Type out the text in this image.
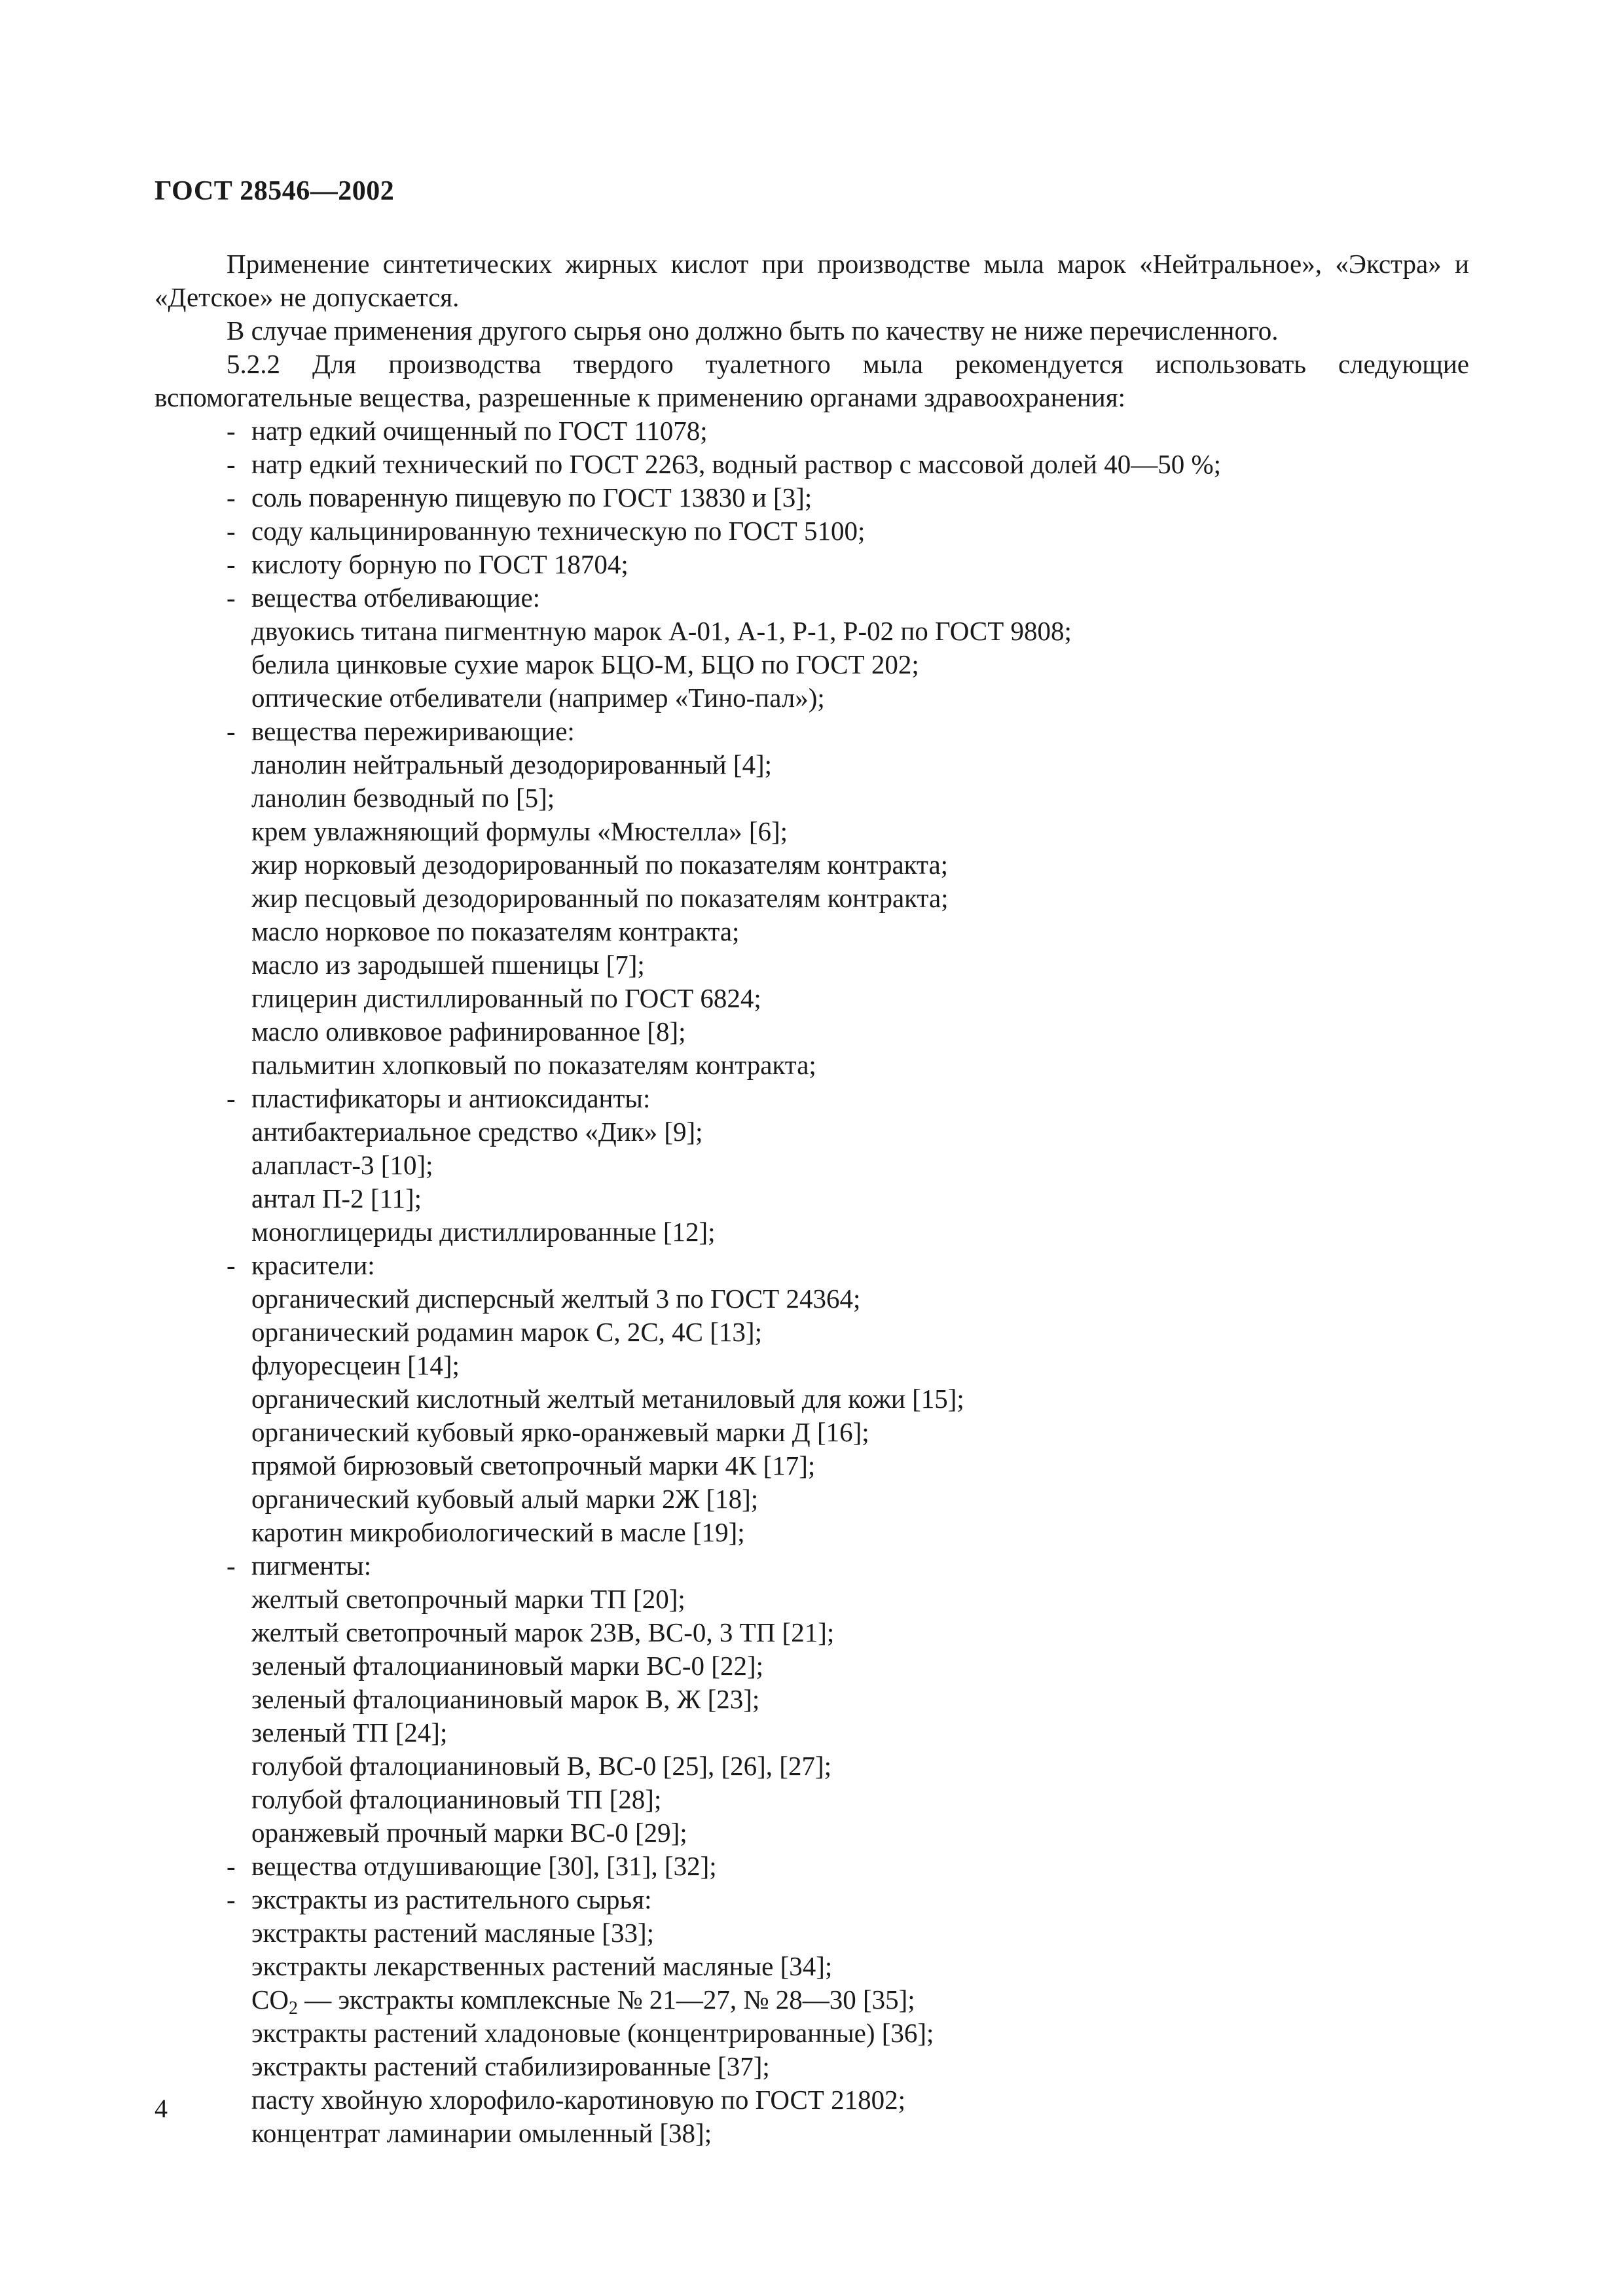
ГОСТ 28546—2002

Применение синтетических жирных кислот при производстве мыла марок «Нейтральное», «Экстра» и «Детское» не допускается.

В случае применения другого сырья оно должно быть по качеству не ниже перечисленного.

5.2.2 Для производства твердого туалетного мыла рекомендуется использовать следующие вспомогательные вещества, разрешенные к применению органами здравоохранения:

- натр едкий очищенный по ГОСТ 11078;

- натр едкий технический по ГОСТ 2263, водный раствор с массовой долей 40—50 %;

- соль поваренную пищевую по ГОСТ 13830 и [3];

- соду кальцинированную техническую по ГОСТ 5100;

- кислоту борную по ГОСТ 18704;

- вещества отбеливающие:

двуокись титана пигментную марок А-01, А-1, Р-1, Р-02 по ГОСТ 9808;

белила цинковые сухие марок БЦО-М, БЦО по ГОСТ 202;

оптические отбеливатели (например «Тино-пал»);

- вещества пережиривающие:

ланолин нейтральный дезодорированный [4];

ланолин безводный по [5];

крем увлажняющий формулы «Мюстелла» [6];

жир норковый дезодорированный по показателям контракта;

жир песцовый дезодорированный по показателям контракта;

масло норковое по показателям контракта;

масло из зародышей пшеницы [7];

глицерин дистиллированный по ГОСТ 6824;

масло оливковое рафинированное [8];

пальмитин хлопковый по показателям контракта;

- пластификаторы и антиоксиданты:

антибактериальное средство «Дик» [9];

алапласт-3 [10];

антал П-2 [11];

моноглицериды дистиллированные [12];

- красители:

органический дисперсный желтый 3 по ГОСТ 24364;

органический родамин марок С, 2С, 4С [13];

флуоресцеин [14];

органический кислотный желтый метаниловый для кожи [15];

органический кубовый ярко-оранжевый марки Д [16];

прямой бирюзовый светопрочный марки 4К [17];

органический кубовый алый марки 2Ж [18];

каротин микробиологический в масле [19];

- пигменты:

желтый светопрочный марки ТП [20];

желтый светопрочный марок 23В, ВС-0, 3 ТП [21];

зеленый фталоцианиновый марки ВС-0 [22];

зеленый фталоцианиновый марок В, Ж [23];

зеленый ТП [24];

голубой фталоцианиновый В, ВС-0 [25], [26], [27];

голубой фталоцианиновый ТП [28];

оранжевый прочный марки ВС-0 [29];

- вещества отдушивающие [30], [31], [32];

- экстракты из растительного сырья:

экстракты растений масляные [33];

экстракты лекарственных растений масляные [34];

$СО_2$ — экстракты комплексные № 21—27, № 28—30 [35];

экстракты растений хладоновые (концентрированные) [36];

экстракты растений стабилизированные [37];

пасту хвойную хлорофило-каротиновую по ГОСТ 21802;

концентрат ламинарии омыленный [38];

4
